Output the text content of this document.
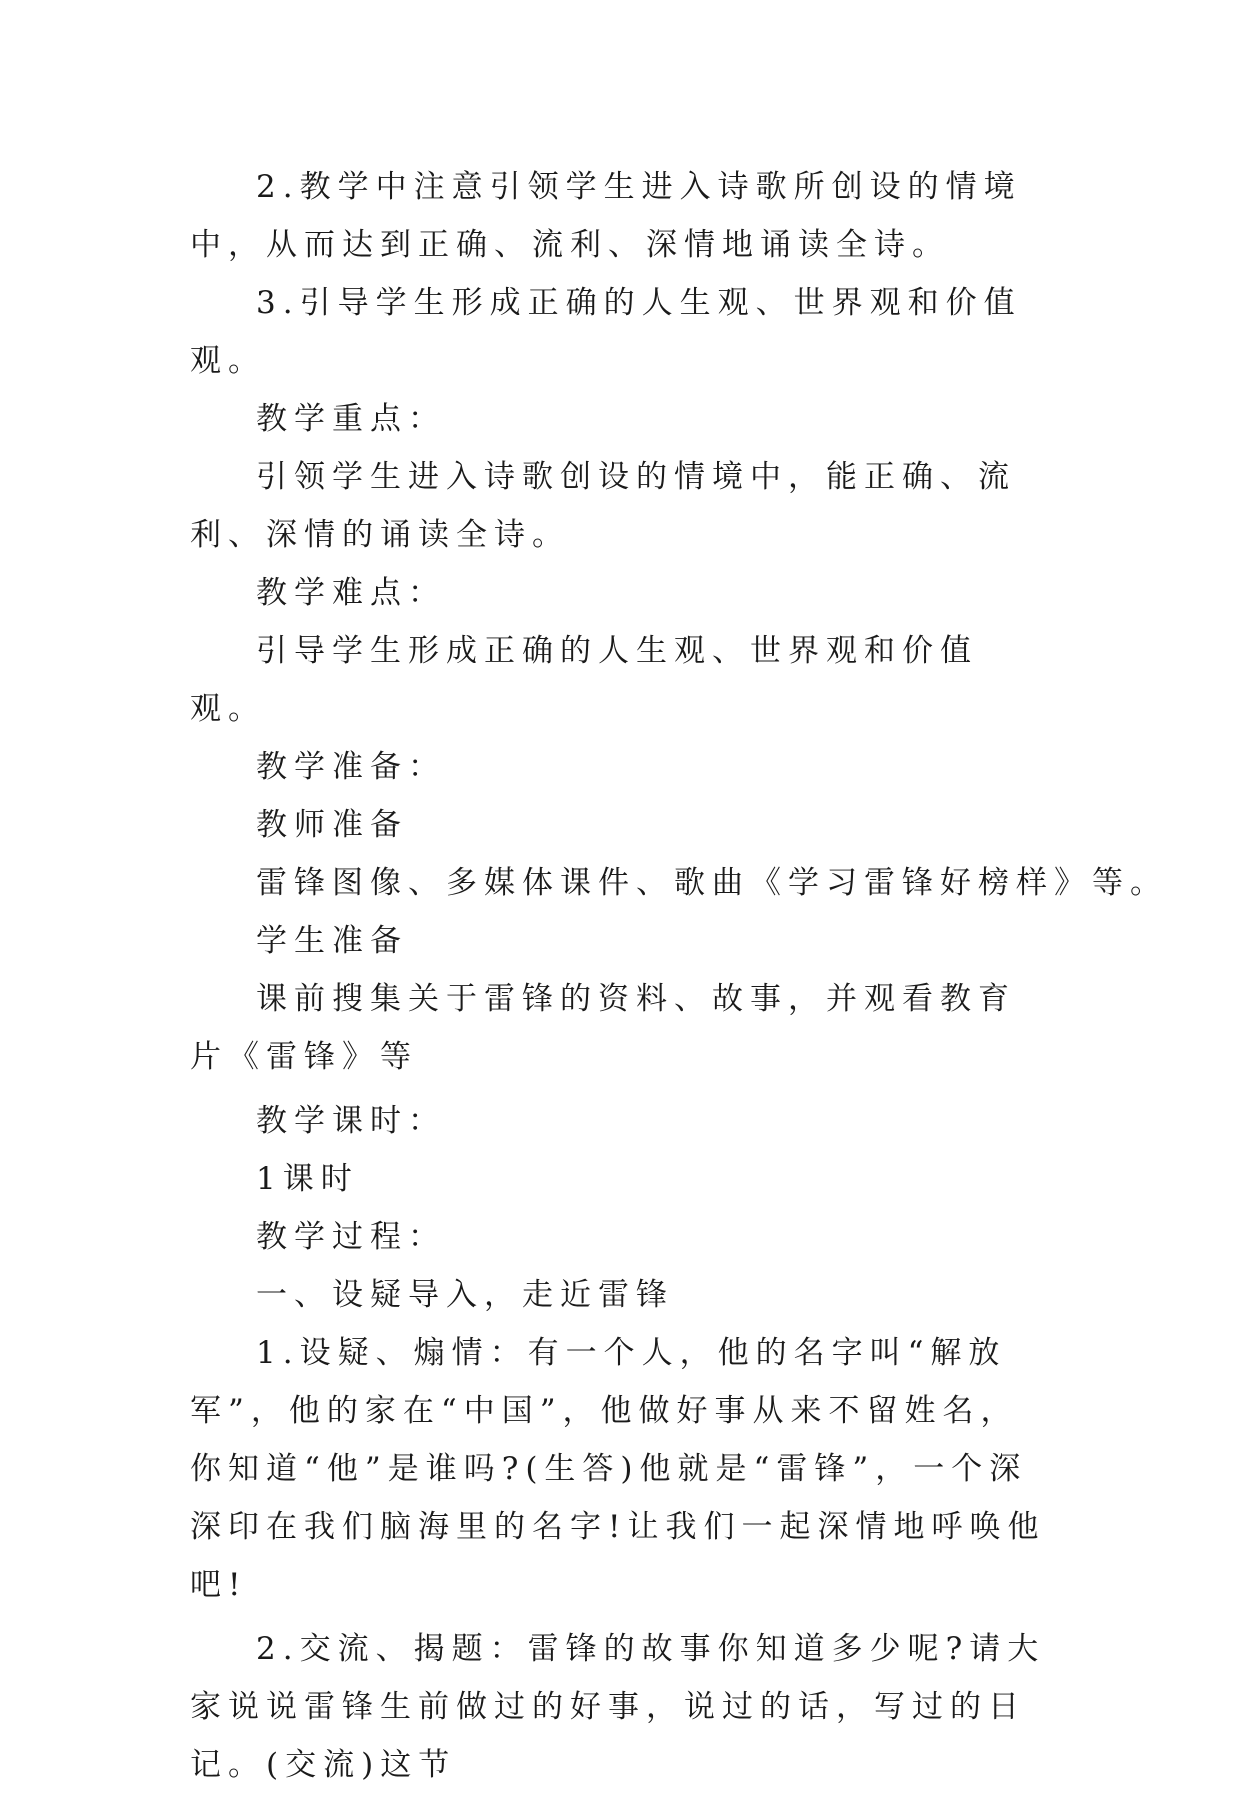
2.教学中注意引领学生进入诗歌所创设的情境中，从而达到正确、流利、深情地诵读全诗。

3.引导学生形成正确的人生观、世界观和价值观。

教学重点：

引领学生进入诗歌创设的情境中，能正确、流利、深情的诵读全诗。

教学难点：

引导学生形成正确的人生观、世界观和价值观。

教学准备：

教师准备

雷锋图像、多媒体课件、歌曲《学习雷锋好榜样》等。

学生准备

课前搜集关于雷锋的资料、故事，并观看教育片《雷锋》等

教学课时：

1课时

教学过程：

一、设疑导入，走近雷锋

1.设疑、煽情：有一个人，他的名字叫“解放军”，他的家在“中国”，他做好事从来不留姓名，你知道“他”是谁吗?(生答)他就是“雷锋”，一个深深印在我们脑海里的名字!让我们一起深情地呼唤他吧!

2.交流、揭题：雷锋的故事你知道多少呢?请大家说说雷锋生前做过的好事，说过的话，写过的日记。(交流)这节
